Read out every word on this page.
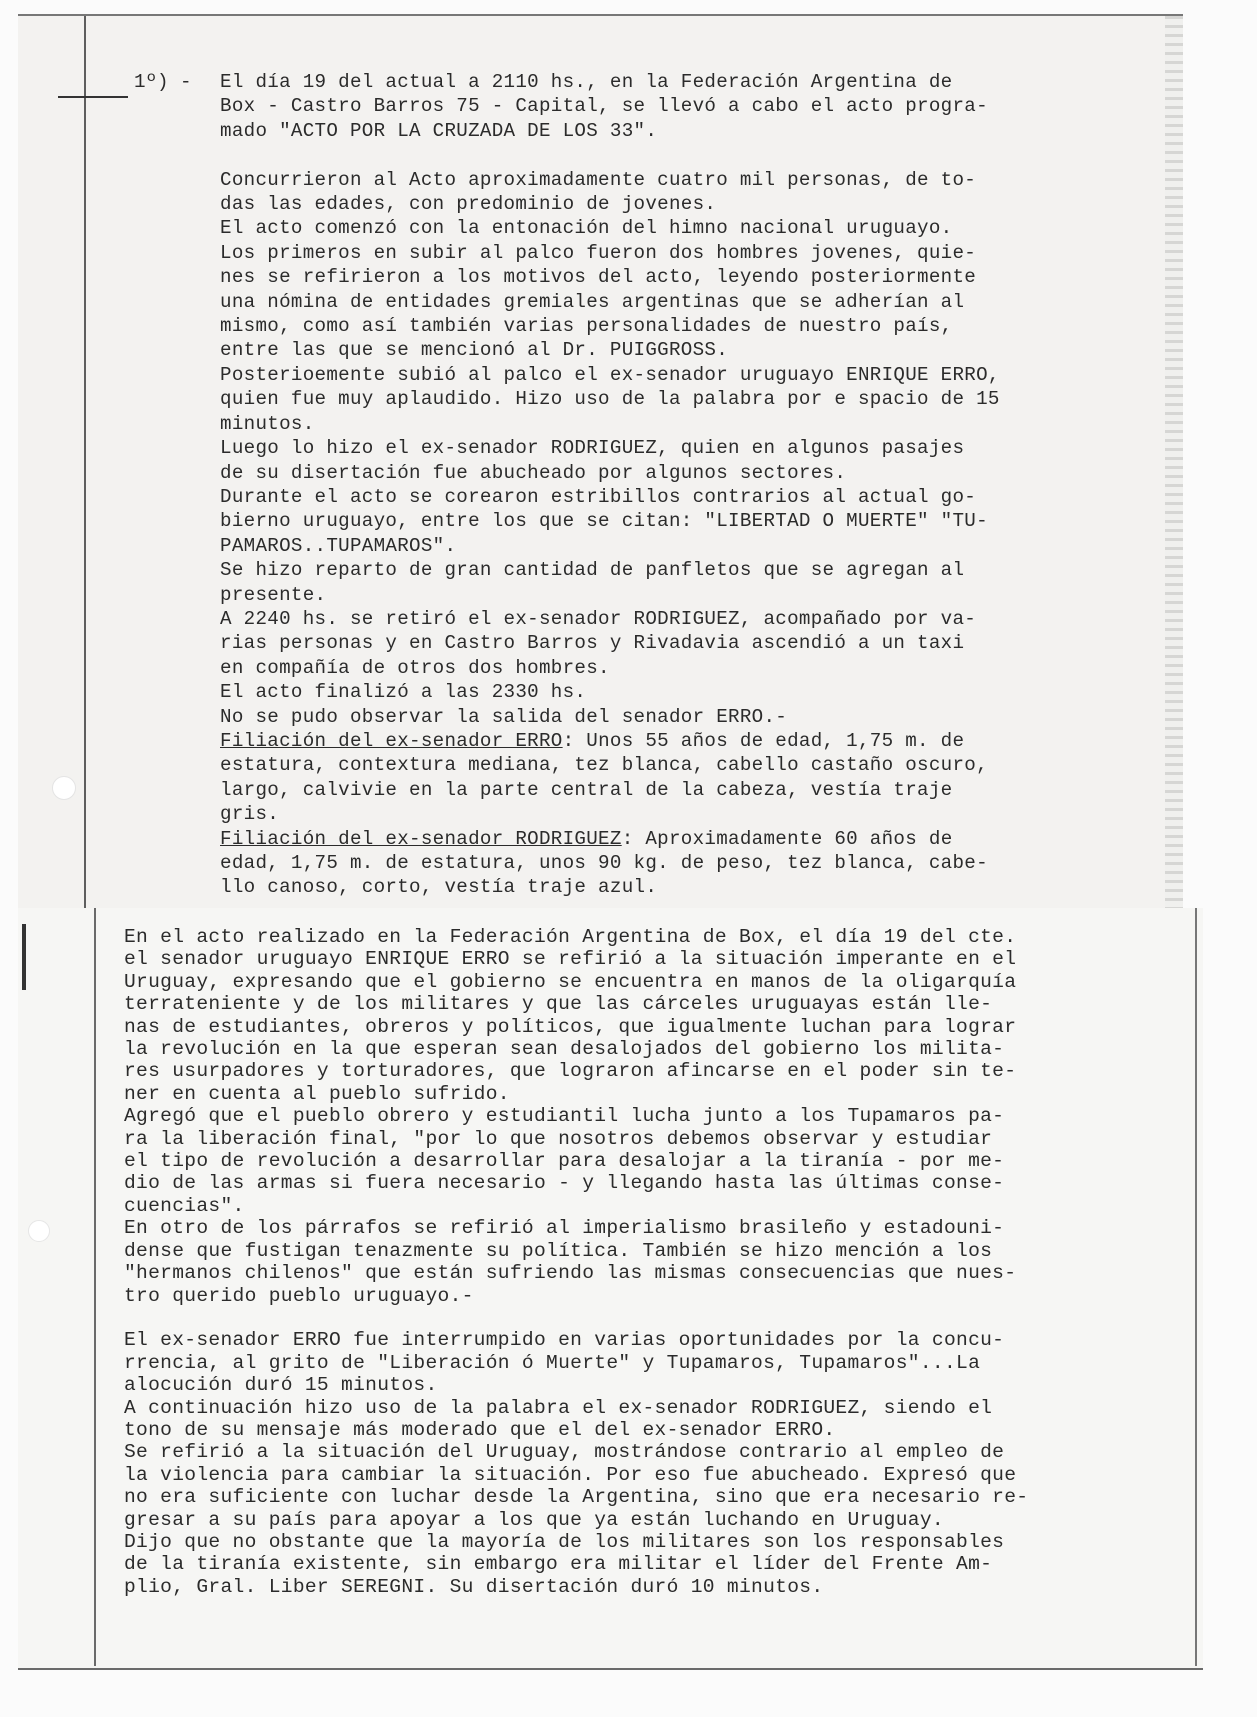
1º) - El día 19 del actual a 2110 hs., en la Federación Argentina de

Box - Castro Barros 75 - Capital, se llevó a cabo el acto progra-

mado "ACTO POR LA CRUZADA DE LOS 33".

Concurrieron al Acto aproximadamente cuatro mil personas, de to-

das las edades, con predominio de jovenes.

El acto comenzó con la entonación del himno nacional uruguayo.

Los primeros en subir al palco fueron dos hombres jovenes, quie-

nes se refirieron a los motivos del acto, leyendo posteriormente

una nómina de entidades gremiales argentinas que se adherían al

mismo, como así también varias personalidades de nuestro país,

entre las que se mencionó al Dr. PUIGGROSS.

Posterioemente subió al palco el ex-senador uruguayo ENRIQUE ERRO,

quien fue muy aplaudido. Hizo uso de la palabra por e spacio de 15

minutos.

Luego lo hizo el ex-senador RODRIGUEZ, quien en algunos pasajes

de su disertación fue abucheado por algunos sectores.

Durante el acto se corearon estribillos contrarios al actual go-

bierno uruguayo, entre los que se citan: "LIBERTAD O MUERTE" "TU-

PAMAROS..TUPAMAROS".

Se hizo reparto de gran cantidad de panfletos que se agregan al

presente.

A 2240 hs. se retiró el ex-senador RODRIGUEZ, acompañado por va-

rias personas y en Castro Barros y Rivadavia ascendió a un taxi

en compañía de otros dos hombres.

El acto finalizó a las 2330 hs.

No se pudo observar la salida del senador ERRO.-

Filiación del ex-senador ERRO: Unos 55 años de edad, 1,75 m. de

estatura, contextura mediana, tez blanca, cabello castaño oscuro,

largo, calvivie en la parte central de la cabeza, vestía traje

gris.

Filiación del ex-senador RODRIGUEZ: Aproximadamente 60 años de

edad, 1,75 m. de estatura, unos 90 kg. de peso, tez blanca, cabe-

llo canoso, corto, vestía traje azul.

En el acto realizado en la Federación Argentina de Box, el día 19 del cte.

el senador uruguayo ENRIQUE ERRO se refirió a la situación imperante en el

Uruguay, expresando que el gobierno se encuentra en manos de la oligarquía

terrateniente y de los militares y que las cárceles uruguayas están lle-

nas de estudiantes, obreros y políticos, que igualmente luchan para lograr

la revolución en la que esperan sean desalojados del gobierno los milita-

res usurpadores y torturadores, que lograron afincarse en el poder sin te-

ner en cuenta al pueblo sufrido.

Agregó que el pueblo obrero y estudiantil lucha junto a los Tupamaros pa-

ra la liberación final, "por lo que nosotros debemos observar y estudiar

el tipo de revolución a desarrollar para desalojar a la tiranía - por me-

dio de las armas si fuera necesario - y llegando hasta las últimas conse-

cuencias".

En otro de los párrafos se refirió al imperialismo brasileño y estadouni-

dense que fustigan tenazmente su política. También se hizo mención a los

"hermanos chilenos" que están sufriendo las mismas consecuencias que nues-

tro querido pueblo uruguayo.-

El ex-senador ERRO fue interrumpido en varias oportunidades por la concu-

rrencia, al grito de "Liberación ó Muerte" y Tupamaros, Tupamaros"...La

alocución duró 15 minutos.

A continuación hizo uso de la palabra el ex-senador RODRIGUEZ, siendo el

tono de su mensaje más moderado que el del ex-senador ERRO.

Se refirió a la situación del Uruguay, mostrándose contrario al empleo de

la violencia para cambiar la situación. Por eso fue abucheado. Expresó que

no era suficiente con luchar desde la Argentina, sino que era necesario re-

gresar a su país para apoyar a los que ya están luchando en Uruguay.

Dijo que no obstante que la mayoría de los militares son los responsables

de la tiranía existente, sin embargo era militar el líder del Frente Am-

plio, Gral. Liber SEREGNI. Su disertación duró 10 minutos.
